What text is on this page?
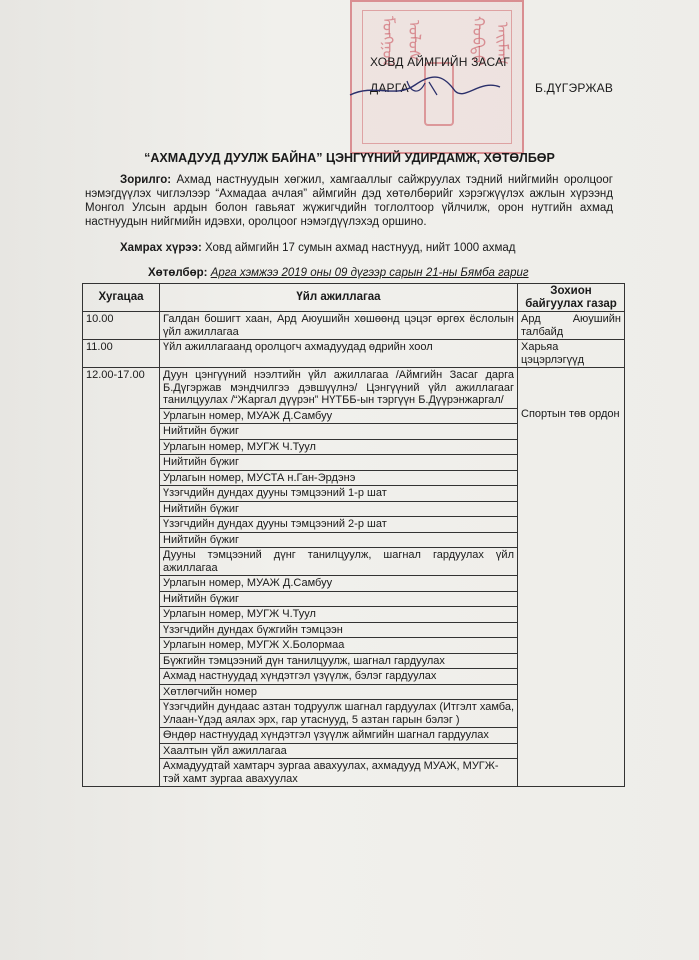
ᠮᠣᠩᠭᠣᠯ ᠤᠯᠤᠰ	ᠬᠣᠪᠳᠣ ᠠᠢᠮᠠᠭ
ХОВД АЙМГИЙН ЗАСАГ
ДАРГА	Б.ДҮГЭРЖАВ
“АХМАДУУД ДУУЛЖ БАЙНА” ЦЭНГҮҮНИЙ УДИРДАМЖ, ХӨТӨЛБӨР
Зорилго: Ахмад настнуудын хөгжил, хамгааллыг сайжруулах тэдний нийгмийн оролцоог нэмэгдүүлэх чиглэлээр “Ахмадаа ачлая” аймгийн дэд хөтөлбөрийг хэрэгжүүлэх ажлын хүрээнд Монгол Улсын ардын болон гавьяат жүжигчдийн тоглолтоор үйлчилж, орон нутгийн ахмад настнуудын нийгмийн идэвхи, оролцоог нэмэгдүүлэхэд оршино.
Хамрах хүрээ: Ховд аймгийн 17 сумын ахмад настнууд, нийт 1000 ахмад
Хөтөлбөр: Арга хэмжээ 2019 оны 09 дүгээр сарын 21-ны Бямба гариг
Хугацаа	Үйл ажиллагаа	Зохион байгуулах газар
10.00	Галдан бошигт хаан, Ард Аюушийн хөшөөнд цэцэг өргөх ёслолын үйл ажиллагаа	Ард Аюушийн талбайд
11.00	Үйл ажиллагаанд оролцогч ахмадуудад өдрийн хоол	Харьяа цэцэрлэгүүд
12.00-17.00	Дуун цэнгүүний нээлтийн үйл ажиллагаа /Аймгийн Засаг дарга Б.Дүгэржав мэндчилгээ дэвшүүлнэ/ Цэнгүүний үйл ажиллагааг танилцуулах /“Жаргал дүүрэн” НҮТББ-ын тэргүүн Б.Дүүрэнжаргал/	Спортын төв ордон
	Урлагын номер, МУАЖ Д.Самбуу	
	Нийтийн бүжиг	
	Урлагын номер, МУГЖ Ч.Туул	
	Нийтийн бүжиг	
	Урлагын номер, МУСТА н.Ган-Эрдэнэ	
	Үзэгчдийн дундах дууны тэмцээний 1-р шат	
	Нийтийн бүжиг	
	Үзэгчдийн дундах дууны тэмцээний 2-р шат	
	Нийтийн бүжиг	
	Дууны тэмцээний дүнг танилцуулж, шагнал гардуулах үйл ажиллагаа	
	Урлагын номер, МУАЖ Д.Самбуу	
	Нийтийн бүжиг	
	Урлагын номер, МУГЖ Ч.Туул	
	Үзэгчдийн дундах бүжгийн тэмцээн	
	Урлагын номер, МУГЖ Х.Болормаа	
	Бүжгийн тэмцээний дүн танилцуулж, шагнал гардуулах	
	Ахмад настнуудад хүндэтгэл үзүүлж, бэлэг гардуулах	
	Хөтлөгчийн номер	
	Үзэгчдийн дундаас азтан тодруулж шагнал гардуулах (Итгэлт хамба, Улаан-Үдэд аялах эрх, гар утаснууд, 5 азтан гарын бэлэг )	
	Өндөр настнуудад хүндэтгэл үзүүлж аймгийн шагнал гардуулах	
	Хаалтын үйл ажиллагаа	
	Ахмадуудтай хамтарч зургаа авахуулах, ахмадууд МУАЖ, МУГЖ-тэй хамт зургаа авахуулах	
